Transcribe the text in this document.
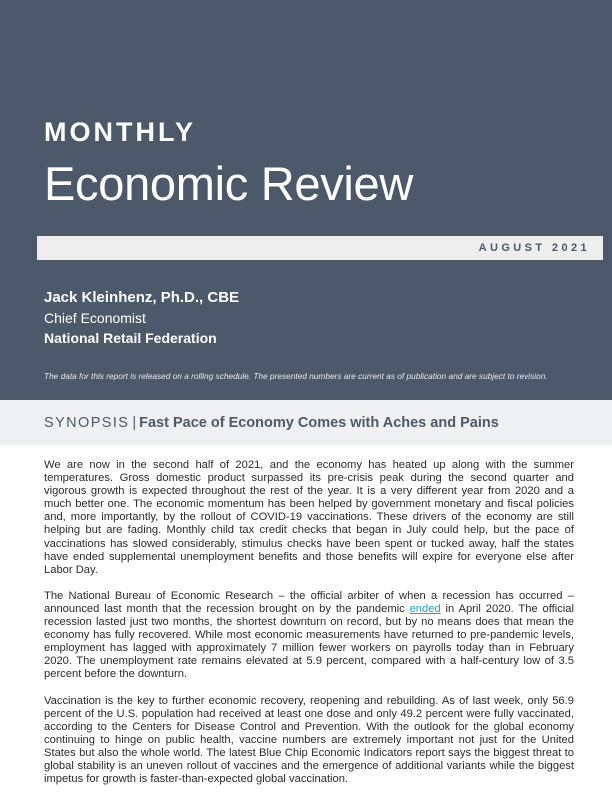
MONTHLY
Economic Review
AUGUST 2021
Jack Kleinhenz, Ph.D., CBE
Chief Economist
National Retail Federation
The data for this report is released on a rolling schedule. The presented numbers are current as of publication and are subject to revision.
SYNOPSIS | Fast Pace of Economy Comes with Aches and Pains

We are now in the second half of 2021, and the economy has heated up along with the summer temperatures. Gross domestic product surpassed its pre-crisis peak during the second quarter and vigorous growth is expected throughout the rest of the year. It is a very different year from 2020 and a much better one. The economic momentum has been helped by government monetary and fiscal policies and, more importantly, by the rollout of COVID-19 vaccinations. These drivers of the economy are still helping but are fading. Monthly child tax credit checks that began in July could help, but the pace of vaccinations has slowed considerably, stimulus checks have been spent or tucked away, half the states have ended supplemental unemployment benefits and those benefits will expire for everyone else after Labor Day.

The National Bureau of Economic Research – the official arbiter of when a recession has occurred – announced last month that the recession brought on by the pandemic ended in April 2020. The official recession lasted just two months, the shortest downturn on record, but by no means does that mean the economy has fully recovered. While most economic measurements have returned to pre-pandemic levels, employment has lagged with approximately 7 million fewer workers on payrolls today than in February 2020. The unemployment rate remains elevated at 5.9 percent, compared with a half-century low of 3.5 percent before the downturn.

Vaccination is the key to further economic recovery, reopening and rebuilding. As of last week, only 56.9 percent of the U.S. population had received at least one dose and only 49.2 percent were fully vaccinated, according to the Centers for Disease Control and Prevention. With the outlook for the global economy continuing to hinge on public health, vaccine numbers are extremely important not just for the United States but also the whole world. The latest Blue Chip Economic Indicators report says the biggest threat to global stability is an uneven rollout of vaccines and the emergence of additional variants while the biggest impetus for growth is faster-than-expected global vaccination.
